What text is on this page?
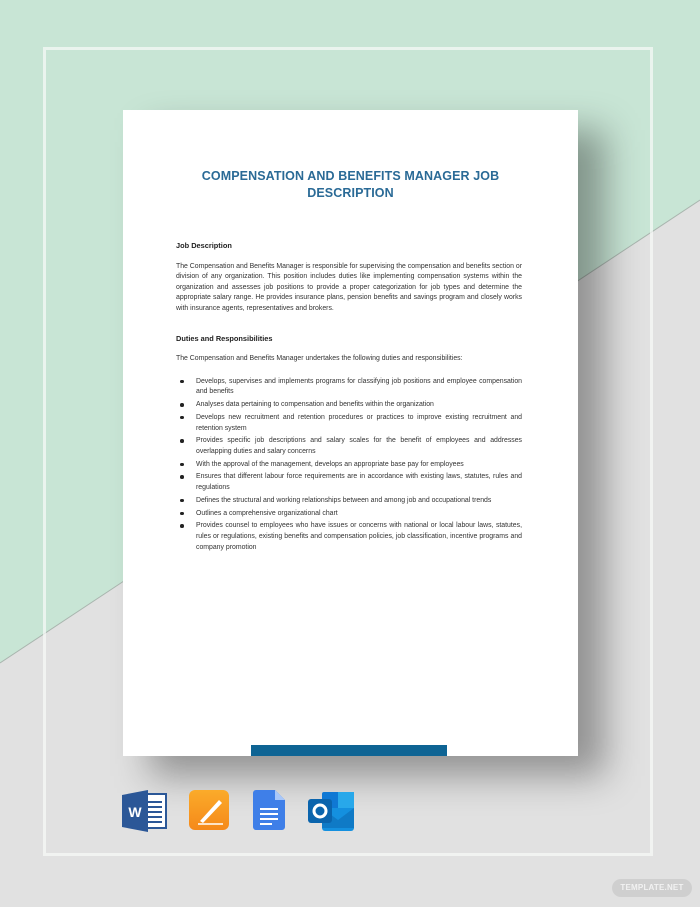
COMPENSATION AND BENEFITS MANAGER JOB
DESCRIPTION
Job Description
The Compensation and Benefits Manager is responsible for supervising the compensation and benefits section or division of any organization. This position includes duties like implementing compensation systems within the organization and assesses job positions to provide a proper categorization for job types and determine the appropriate salary range. He provides insurance plans, pension benefits and savings program and closely works with insurance agents, representatives and brokers.
Duties and Responsibilities
The Compensation and Benefits Manager undertakes the following duties and responsibilities:
Develops, supervises and implements programs for classifying job positions and employee compensation and benefits
Analyses data pertaining to compensation and benefits within the organization
Develops new recruitment and retention procedures or practices to improve existing recruitment and retention system
Provides specific job descriptions and salary scales for the benefit of employees and addresses overlapping duties and salary concerns
With the approval of the management, develops an appropriate base pay for employees
Ensures that different labour force requirements are in accordance with existing laws, statutes, rules and regulations
Defines the structural and working relationships between and among job and occupational trends
Outlines a comprehensive organizational chart
Provides counsel to employees who have issues or concerns with national or local labour laws, statutes, rules or regulations, existing benefits and compensation policies, job classification, incentive programs and company promotion
W
TEMPLATE.NET
